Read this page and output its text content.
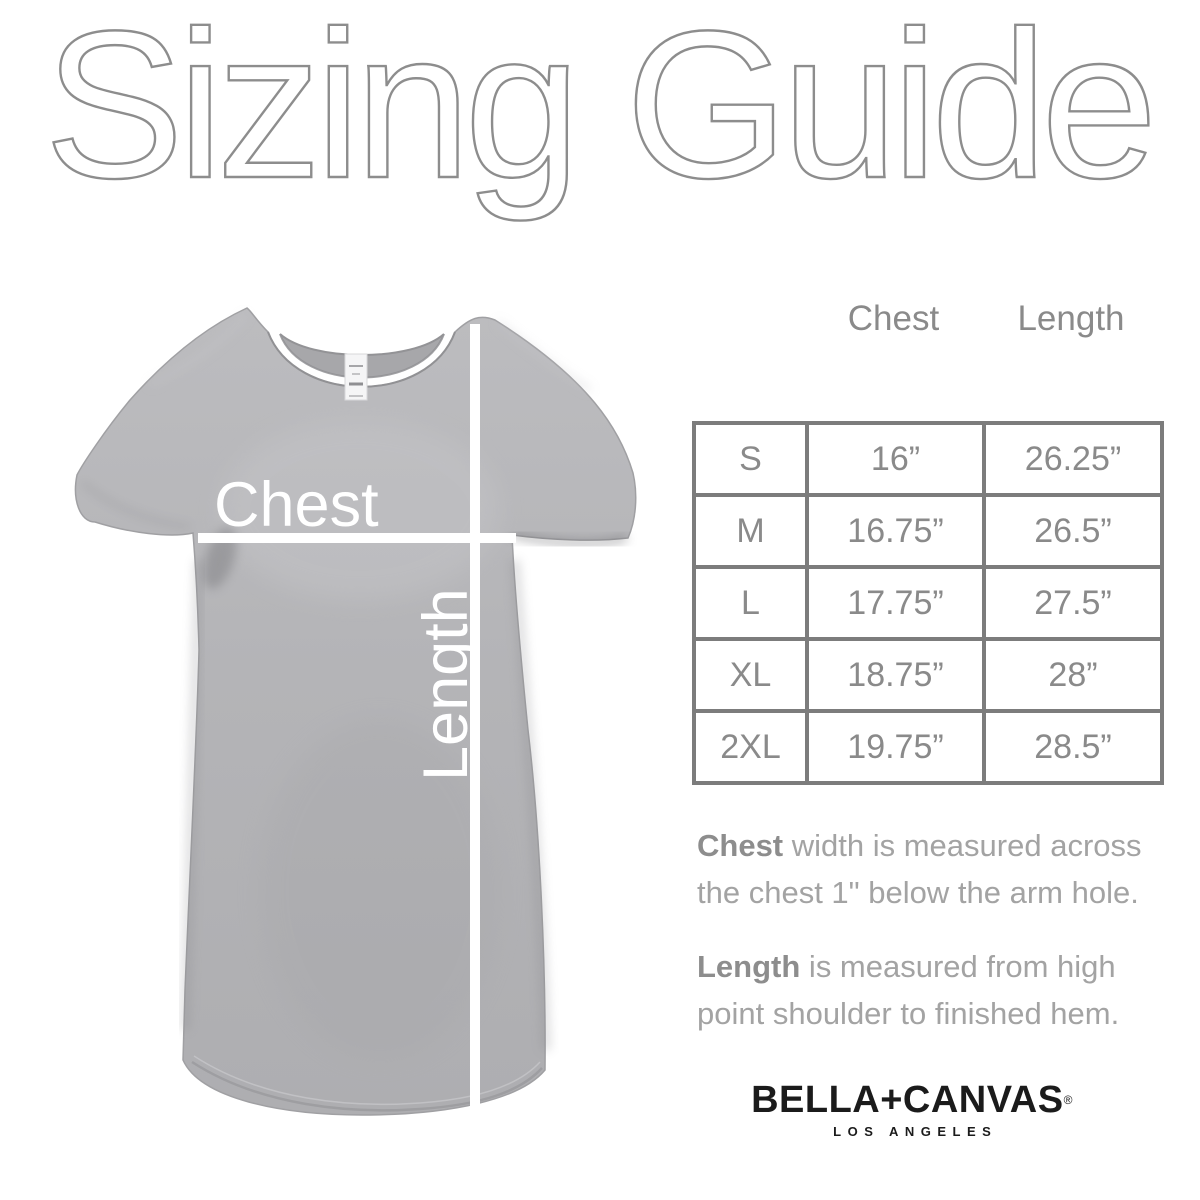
Sizing Guide
Chest
Length
Chest	Length
S	16”	26.25”
M	16.75”	26.5”
L	17.75”	27.5”
XL	18.75”	28”
2XL	19.75”	28.5”

Chest width is measured across the chest 1" below the arm hole.

Length is measured from high point shoulder to finished hem.

BELLA+CANVAS®
LOS ANGELES
